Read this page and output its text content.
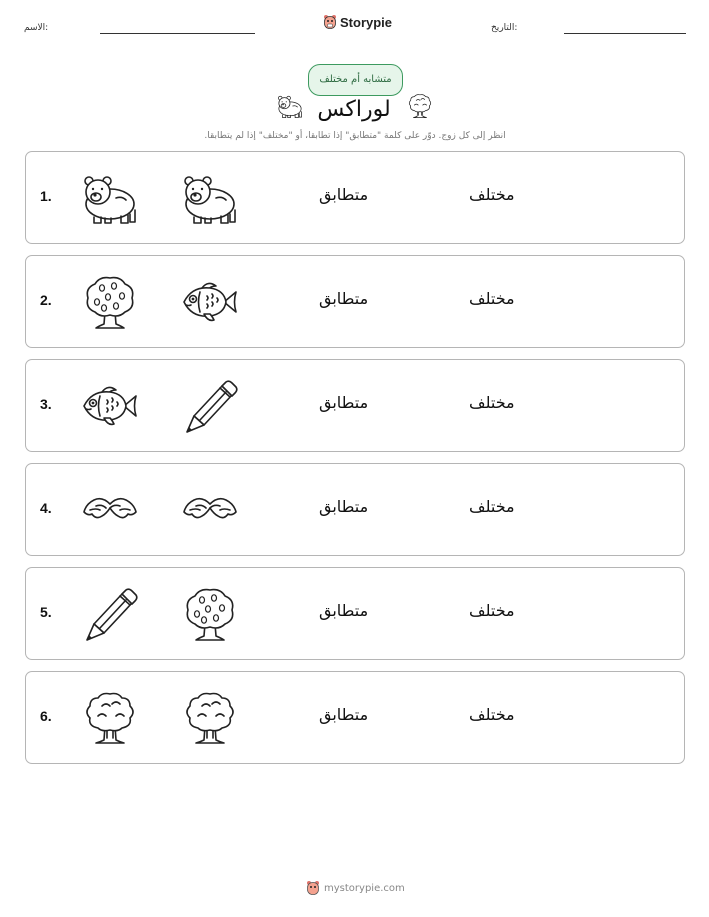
الاسم:	Storypie	التاريخ:
متشابه أم مختلف
لوراكس
انظر إلى كل زوج. دوّر على كلمة "متطابق" إذا تطابقا، أو "مختلف" إذا لم يتطابقا.
1.	متطابق	مختلف
2.	متطابق	مختلف
3.	متطابق	مختلف
4.	متطابق	مختلف
5.	متطابق	مختلف
6.	متطابق	مختلف
mystorypie.com
